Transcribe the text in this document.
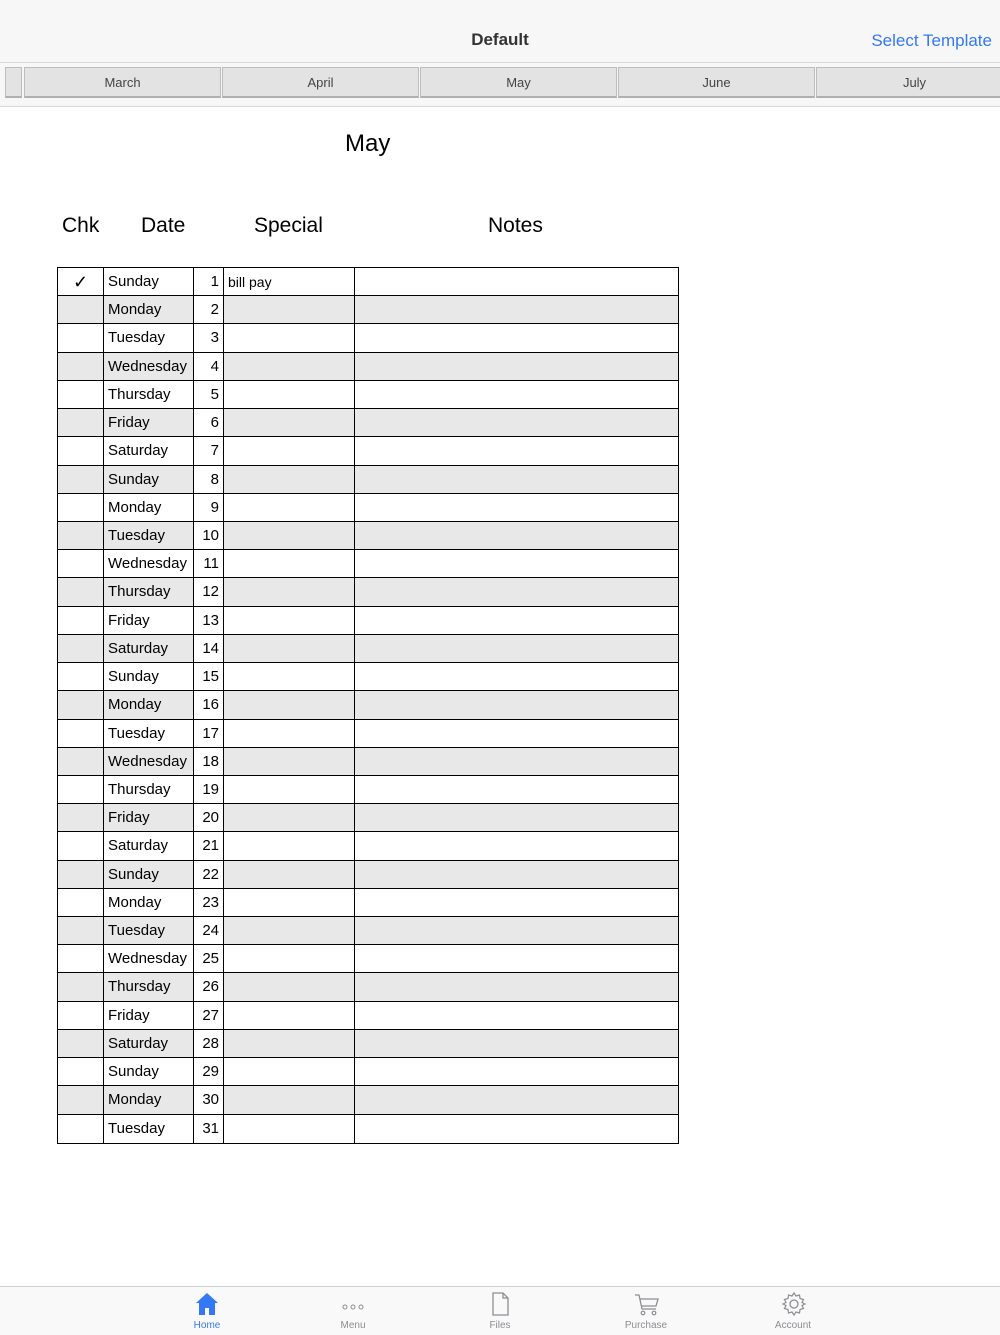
Default	Select Template
March	April	May	June	July
May
Chk Date	Special	Notes
✓	Sunday	1 bill pay
Monday	2
Tuesday	3
Wednesday	4
Thursday	5
Friday	6
Saturday	7
Sunday	8
Monday	9
Tuesday	10
Wednesday	11
Thursday	12
Friday	13
Saturday	14
Sunday	15
Monday	16
Tuesday	17
Wednesday	18
Thursday	19
Friday	20
Saturday	21
Sunday	22
Monday	23
Tuesday	24
Wednesday	25
Thursday	26
Friday	27
Saturday	28
Sunday	29
Monday	30
Tuesday	31
Home	Menu	Files	Purchase	Account
